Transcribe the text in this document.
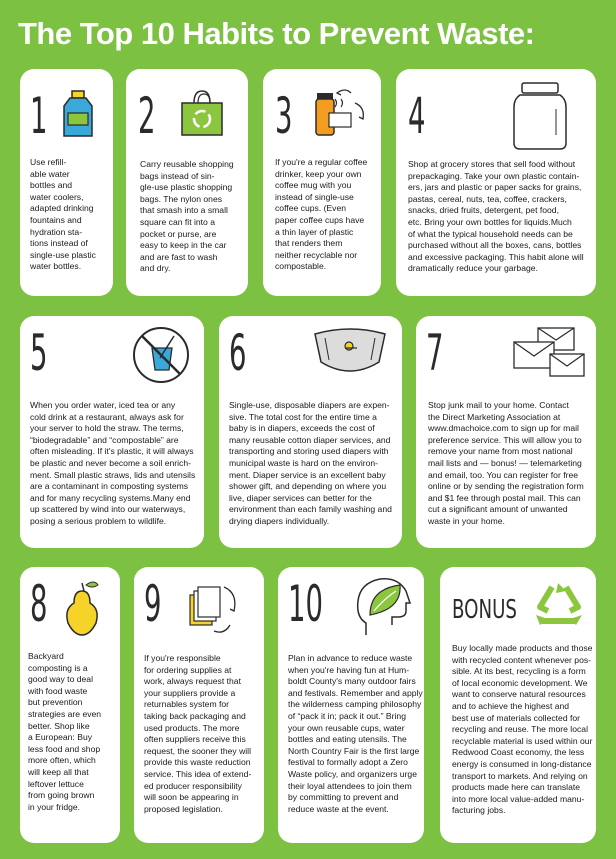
The Top 10 Habits to Prevent Waste:
1
Use refill-
able water
bottles and
water coolers,
adapted drinking
fountains and
hydration sta-
tions instead of
single-use plastic
water bottles.
2
Carry reusable shopping
bags instead of sin-
gle-use plastic shopping
bags. The nylon ones
that smash into a small
square can fit into a
pocket or purse, are
easy to keep in the car
and are fast to wash
and dry.
3
If you're a regular coffee
drinker, keep your own
coffee mug with you
instead of single-use
coffee cups. (Even
paper coffee cups have
a thin layer of plastic
that renders them
neither recyclable nor
compostable.
4
Shop at grocery stores that sell food without
prepackaging. Take your own plastic contain-
ers, jars and plastic or paper sacks for grains,
pastas, cereal, nuts, tea, coffee, crackers,
snacks, dried fruits, detergent, pet food,
etc. Bring your own bottles for liquids.Much
of what the typical household needs can be
purchased without all the boxes, cans, bottles
and excessive packaging. This habit alone will
dramatically reduce your garbage.
5
When you order water, iced tea or any
cold drink at a restaurant, always ask for
your server to hold the straw. The terms,
“biodegradable” and “compostable” are
often misleading. If it's plastic, it will always
be plastic and never become a soil enrich-
ment. Small plastic straws, lids and utensils
are a contaminant in composting systems
and for many recycling systems.Many end
up scattered by wind into our waterways,
posing a serious problem to wildlife.
6
Single-use, disposable diapers are expen-
sive. The total cost for the entire time a
baby is in diapers, exceeds the cost of
many reusable cotton diaper services, and
transporting and storing used diapers with
municipal waste is hard on the environ-
ment. Diaper service is an excellent baby
shower gift, and depending on where you
live, diaper services can better for the
environment than each family washing and
drying diapers individually.
7
Stop junk mail to your home. Contact
the Direct Marketing Association at
www.dmachoice.com to sign up for mail
preference service. This will allow you to
remove your name from most national
mail lists and — bonus! — telemarketing
and email, too. You can register for free
online or by sending the registration form
and $1 fee through postal mail. This can
cut a significant amount of unwanted
waste in your home.
8
Backyard
composting is a
good way to deal
with food waste
but prevention
strategies are even
better. Shop like
a European: Buy
less food and shop
more often, which
will keep all that
leftover lettuce
from going brown
in your fridge.
9
If you're responsible
for ordering supplies at
work, always request that
your suppliers provide a
returnables system for
taking back packaging and
used products. The more
often suppliers receive this
request, the sooner they will
provide this waste reduction
service. This idea of extend-
ed producer responsibility
will soon be appearing in
proposed legislation.
10
Plan in advance to reduce waste
when you're having fun at Hum-
boldt County's many outdoor fairs
and festivals. Remember and apply
the wilderness camping philosophy
of “pack it in; pack it out.” Bring
your own reusable cups, water
bottles and eating utensils. The
North Country Fair is the first large
festival to formally adopt a Zero
Waste policy, and organizers urge
their loyal attendees to join them
by committing to prevent and
reduce waste at the event.
BONUS
Buy locally made products and those
with recycled content whenever pos-
sible. At its best, recycling is a form
of local economic development. We
want to conserve natural resources
and to achieve the highest and
best use of materials collected for
recycling and reuse. The more local
recyclable material is used within our
Redwood Coast economy, the less
energy is consumed in long-distance
transport to markets. And relying on
products made here can translate
into more local value-added manu-
facturing jobs.
